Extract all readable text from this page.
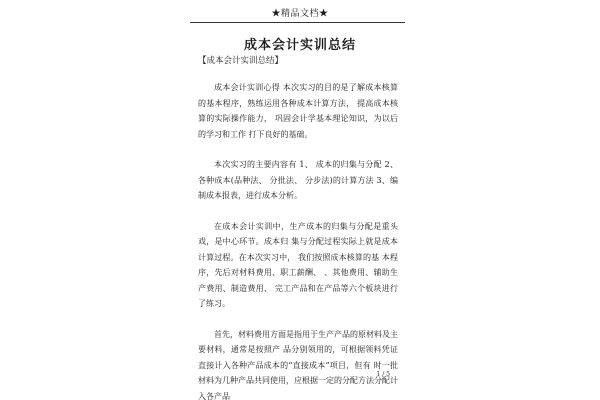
★精品文档★
成本会计实训总结
【成本会计实训总结】

成本会计实训心得 本次实习的目的是了解成本核算的基本程序，熟练运用各种成本计算方法， 提高成本核算的实际操作能力， 巩固会计学基本理论知识，为以后的学习和工作 打下良好的基础。

本次实习的主要内容有 1、 成本的归集与分配 2、 各种成本(品种法、 分批法、 分步法)的计算方法 3、编制成本报表，进行成本分析。

在成本会计实训中，生产成本的归集与分配是重头戏，是中心环节。成本归 集与分配过程实际上就是成本计算过程。在本次实习中， 我们按照成本核算的基 本程序，先后对材料费用、职工薪酬、 、其他费用、辅助生产费用、制造费用、 完工产品和在产品等六个板块进行了练习。

首先，材料费用方面是指用于生产产品的原材料及主要材料，通常是按照产 品分别领用的，可根据领料凭证直接计入各种产品成本的“直接成本”项目，但有 时一批材料为几种产品共同使用，应根据一定的分配方法分配计入各产品

1 / 5
